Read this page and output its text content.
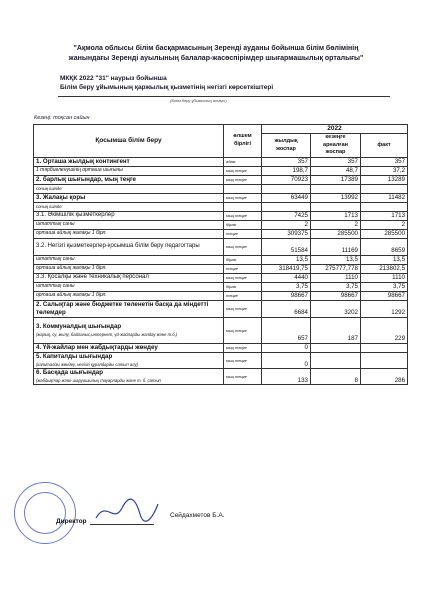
"Ақмола облысы білім басқармасының Зеренді ауданы бойынша білім бөлімінің
жанындағы Зеренді ауылының балалар-жасөспірімдер шығармашылық орталығы"
МКҚК 2022 "31" наурыз бойынша
Білім беру ұйымының қаржылық қызметінің негізгі көрсеткіштері
(Білім беру ұйымының атауы)
Кезеңі: тоқсан сайын
Қосымша білім беру	өлшем бірлігі	2022		
		жылдық жоспар	кезеңге арналған жоспар	факт
1. Орташа жылдық контингент	адам	357	357	357
1 тәрбиеленушінің орташа шығыны	мың теңге	198,7	48,7	37,2
2. барлық шығындар, мың теңге	мың теңге	70923	17389	13289
соның ішінде:				
3. Жалақы қоры	мың теңге	63449	13992	11482
соның ішінде:				
3.1. Әкімшілік қызметкерлер	мың теңге	7425	1713	1713
штаттық саны	бірлік	2	2	2
орташа айлық жалақы 1 бірл.	теңге	309375	285500	285500
3.2. Негізгі қызметкерлер-қосымша білім беру педагогтары	мың теңге	51584	11169	8659
штаттық саны	бірлік	13,5	13,5	13,5
орташа айлық жалақы 1 бірл.	теңге	318419,75	275777,778	213802,5
3.3. Қосалқы және техникалық персонал	мың теңге	4440	1110	1110
штаттық саны	бірлік	3,75	3,75	3,75
орташа айлық жалақы 1 бірл.	теңге	98667	98667	98667
2. Салықтар және бюджетке төленетін басқа да міндетті төлемдер	мың теңге	6684	3202	1292

3. Коммуналдық шығындар
(жарық, су, жылу, байланыс,интернет, үй-жайларды жалдау және т.б.)	мың теңге	657	187	229
4. Үй-жайлар мен жабдықтарды жөндеу	мың теңге	0		

5. Капиталды шығындар
(капиталды жөндеу, негізгі құралдарды сатып алу)	мың теңге	0		

6. Басқада шығындар
(жабдықтар және шаруашылық тауарларды және т. б. сатып	мың теңге	133	8	286
Директор
Сейдахметов Б.А.
